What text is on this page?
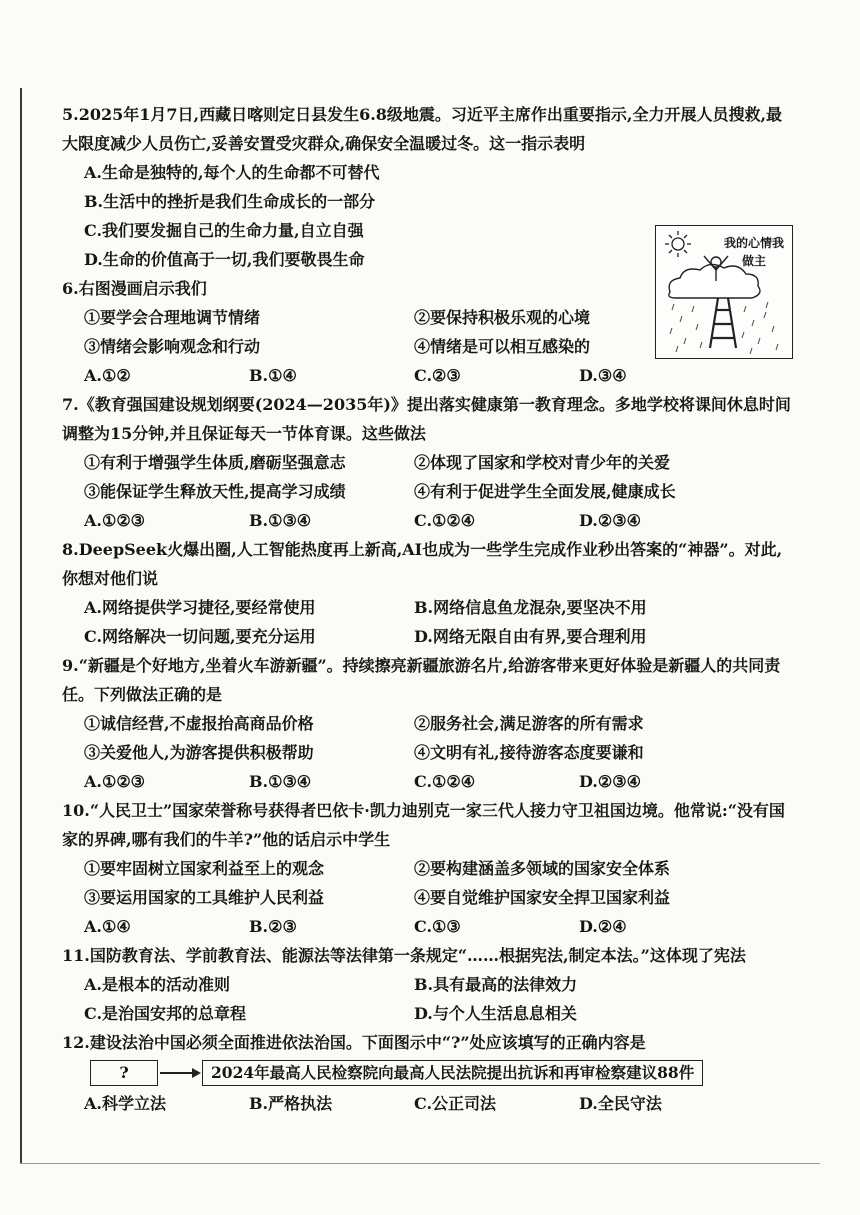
5.2025年1月7日,西藏日喀则定日县发生6.8级地震。习近平主席作出重要指示,全力开展人员搜救,最大限度减少人员伤亡,妥善安置受灾群众,确保安全温暖过冬。这一指示表明

A.生命是独特的,每个人的生命都不可替代

B.生活中的挫折是我们生命成长的一部分

C.我们要发掘自己的生命力量,自立自强

D.生命的价值高于一切,我们要敬畏生命

6.右图漫画启示我们

①要学会合理地调节情绪	②要保持积极乐观的心境
③情绪会影响观念和行动	④情绪是可以相互感染的
A.①②	B.①④	C.②③	D.③④

7.《教育强国建设规划纲要(2024—2035年)》提出落实健康第一教育理念。多地学校将课间休息时间调整为15分钟,并且保证每天一节体育课。这些做法

①有利于增强学生体质,磨砺坚强意志	②体现了国家和学校对青少年的关爱
③能保证学生释放天性,提高学习成绩	④有利于促进学生全面发展,健康成长
A.①②③	B.①③④	C.①②④	D.②③④

8.DeepSeek火爆出圈,人工智能热度再上新高,AI也成为一些学生完成作业秒出答案的“神器”。对此,你想对他们说

A.网络提供学习捷径,要经常使用	B.网络信息鱼龙混杂,要坚决不用
C.网络解决一切问题,要充分运用	D.网络无限自由有界,要合理利用

9.“新疆是个好地方,坐着火车游新疆”。持续擦亮新疆旅游名片,给游客带来更好体验是新疆人的共同责任。下列做法正确的是

①诚信经营,不虚报抬高商品价格	②服务社会,满足游客的所有需求
③关爱他人,为游客提供积极帮助	④文明有礼,接待游客态度要谦和
A.①②③	B.①③④	C.①②④	D.②③④

10.“人民卫士”国家荣誉称号获得者巴依卡·凯力迪别克一家三代人接力守卫祖国边境。他常说:“没有国家的界碑,哪有我们的牛羊?”他的话启示中学生

①要牢固树立国家利益至上的观念	②要构建涵盖多领域的国家安全体系
③要运用国家的工具维护人民利益	④要自觉维护国家安全捍卫国家利益
A.①④	B.②③	C.①③	D.②④

11.国防教育法、学前教育法、能源法等法律第一条规定“……根据宪法,制定本法。”这体现了宪法

A.是根本的活动准则	B.具有最高的法律效力
C.是治国安邦的总章程	D.与个人生活息息相关

12.建设法治中国必须全面推进依法治国。下面图示中“?”处应该填写的正确内容是

?	2024年最高人民检察院向最高人民法院提出抗诉和再审检察建议88件
A.科学立法	B.严格执法	C.公正司法	D.全民守法
我的心情我做主
